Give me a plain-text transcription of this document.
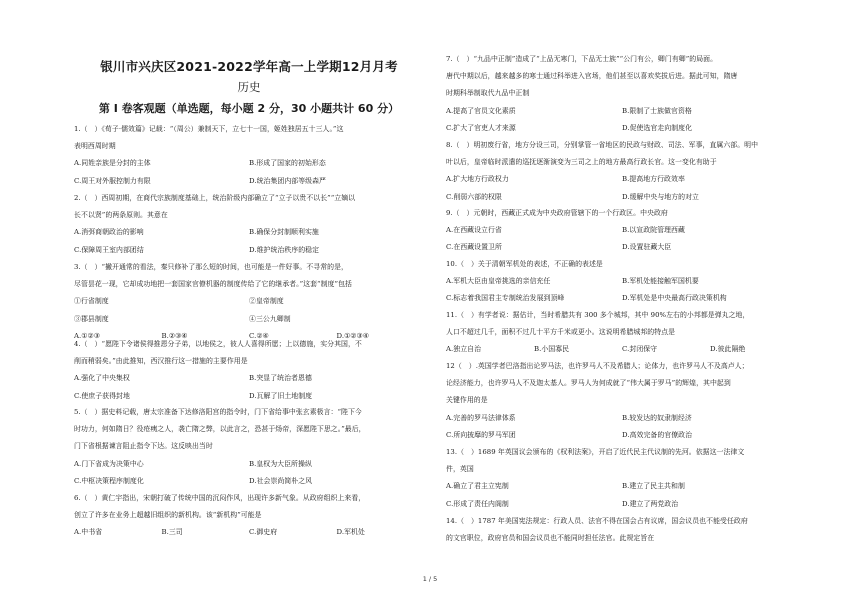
银川市兴庆区2021-2022学年高一上学期12月月考
历史
第 I 卷客观题（单选题，每小题 2 分，30 小题共计 60 分）

1.（　）《荀子·儒效篇》记载：“（周公）兼制天下，立七十一国，姬姓独居五十三人。”这

表明西周时期

A.同姓亲族是分封的主体	B.形成了国家的初始形态
C.周王对外服控制力有限	D.统治集团内部等级森严

2.（　）西周初期，在商代宗族制度基础上，统治阶级内部确立了“立子以贵不以长”“立嫡以

长不以贤”的两条原则。其意在

A.消弭商朝政治的影响	B.确保分封制顺利实施
C.保障周王室内部团结	D.维护统治秩序的稳定

3.（　）“撇开通常的看法，秦只修补了那么短的时间，也可能是一件好事。不寻常的是，

尽管昙花一现，它却成功地把一套国家官僚机器的制度传给了它的继承者。”这套“制度”包括

①行省制度	②皇帝制度
③郡县制度	④三公九卿制
A.①②③	B.②③④	C.②④	D.①②③④

4.（　）“愿陛下令诸侯得推恩分子弟，以地侯之，彼人人喜得所愿；上以德施，实分其国，不

削而稍弱矣。”由此推知，西汉推行这一措施的主要作用是

A.强化了中央集权	B.突显了统治者恩德
C.使庶子获得封地	D.瓦解了旧土地制度

5.（　）据史料记载，唐太宗准备下达修洛阳宫的指令时，门下省给事中张玄素极言：“陛下今

时功力，何如隋日？役疮痍之人，袭亡隋之弊，以此言之，恐甚于炀帝，深愿陛下思之。”最后，

门下省根据谏言阻止指令下达。这反映出当时

A.门下省成为决策中心	B.皇权为大臣所操纵
C.中枢决策程序制度化	D.社会崇尚简朴之风

6.（　）黄仁宇指出，宋朝打破了传统中国的沉闷作风，出现许多新气象。从政府组织上来看，

创立了许多在业务上超越旧组织的新机构。该“新机构”可能是

A.中书省	B.三司	C.御史府	D.军机处

7.（　）“九品中正制”造成了“上品无寒门，下品无士族”“公门有公，卿门有卿”的局面。

唐代中期以后，越来越多的寒士通过科举进入官场，他们甚至以喜欢奖拔后进。据此可知，隋唐

时期科举制取代九品中正制

A.提高了官员文化素质	B.限制了士族做官资格
C.扩大了官吏人才来源	D.促使选官走向制度化

8.（　）明初废行省，地方分设三司，分别掌管一省地区的民政与财政、司法、军事，直属六部。明中

叶以后，皇帝临时派遣的巡抚逐渐演变为三司之上的地方最高行政长官。这一变化有助于

A.扩大地方行政权力	B.提高地方行政效率
C.削弱六部的权限	D.缓解中央与地方的对立

9.（　）元朝时，西藏正式成为中央政府管辖下的一个行政区。中央政府

A.在西藏设立行省	B.以宣政院管理西藏
C.在西藏设置卫所	D.设置驻藏大臣

10.（　）关于清朝军机处的表述，不正确的表述是

A.军机大臣由皇帝挑选的亲信充任	B.军机处能接触军国机要
C.标志着我国君主专制统治发展到顶峰	D.军机处是中央最高行政决策机构

11.（　）有学者说：据估计，当时希腊共有 300 多个城邦，其中 90%左右的小邦都是弹丸之地，

人口不超过几千，面积不过几十平方千米或更小。这说明希腊城邦的特点是

A.独立自治	B.小国寡民	C.封闭保守	D.彼此隔绝

12（　）.英国学者巴洛指出论罗马法，也许罗马人不及希腊人；论体力，也许罗马人不及高卢人；

论经济能力，也许罗马人不及迦太基人。罗马人为何成就了“伟大属于罗马”的辉煌，其中起到

关键作用的是

A.完善的罗马法律体系	B.较发达的奴隶制经济
C.所向披靡的罗马军团	D.高效完备的官僚政治

13.（　）1689 年英国议会颁布的《权利法案》，开启了近代民主代议制的先河。依据这一法律文

件，英国

A.确立了君主立宪制	B.建立了民主共和制
C.形成了责任内阁制	D.建立了两党政治

14.（　）1787 年美国宪法规定：行政人员、法官不得在国会占有议席，国会议员也不能受任政府

的文官职位，政府官员和国会议员也不能同时担任法官。此规定旨在

1 / 5
